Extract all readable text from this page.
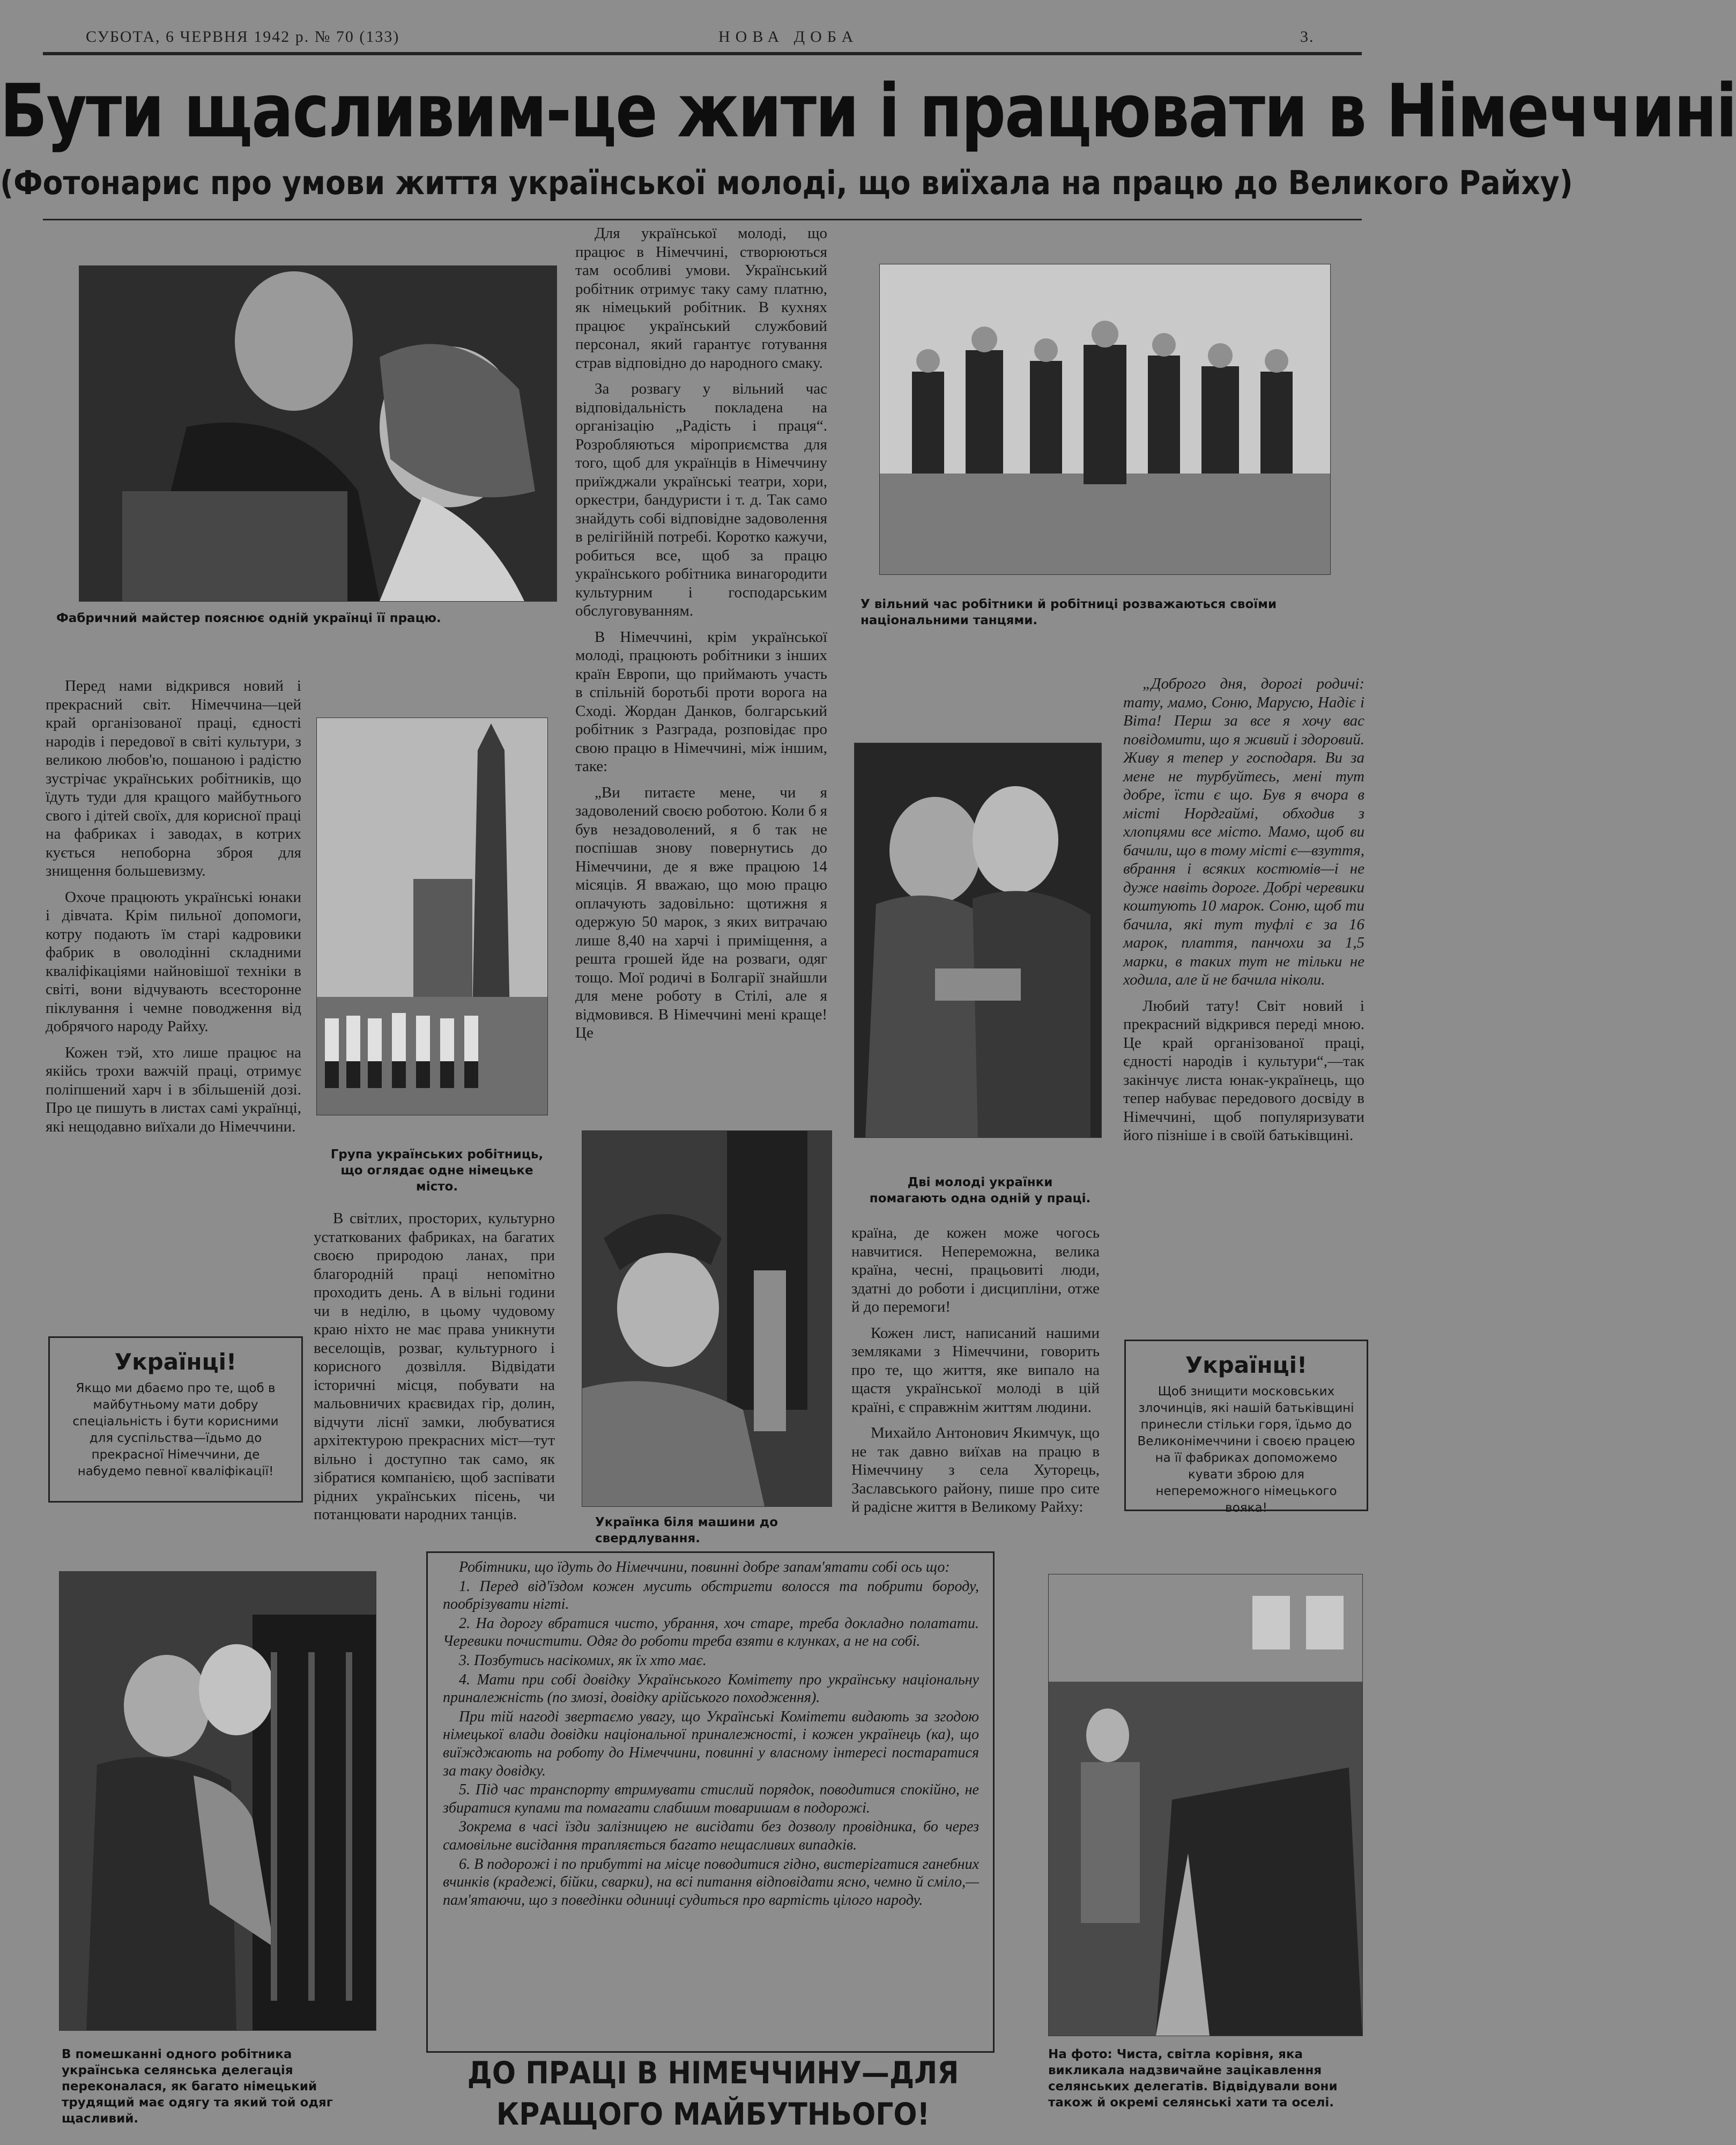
СУБОТА, 6 ЧЕРВНЯ 1942 р. № 70 (133)	НОВА ДОБА	3.
Бути щасливим-це жити і працювати в Німеччині
(Фотонарис про умови життя української молоді, що виїхала на працю до Великого Райху)
Фабричний майстер пояснює одній українці її працю.

Для української молоді, що працює в Німеччині, створюються там особливі умови. Український робітник отримує таку саму платню, як німецький робітник. В кухнях працює український службовий персонал, який гарантує готування страв відповідно до народного смаку.

За розвагу у вільний час відповідальність покладена на організацію „Радість і праця“. Розробляються міроприємства для того, щоб для українців в Німеччину приїжджали українські театри, хори, оркестри, бандуристи і т. д. Так само знайдуть собі відповідне задоволення в релігійній потребі. Коротко кажучи, робиться все, щоб за працю українського робітника винагородити культурним і господарським обслуговуванням.

В Німеччині, крім української молоді, працюють робітники з інших країн Европи, що приймають участь в спільній боротьбі проти ворога на Сході. Жордан Данков, болгарський робітник з Разграда, розповідає про свою працю в Німеччині, між іншим, таке:

„Ви питаєте мене, чи я задоволений своєю роботою. Коли б я був незадоволений, я б так не поспішав знову повернутись до Німеччини, де я вже працюю 14 місяців. Я вважаю, що мою працю оплачують задовільно: щотижня я одержую 50 марок, з яких витрачаю лише 8,40 на харчі і приміщення, а решта грошей йде на розваги, одяг тощо. Мої родичі в Болгарії знайшли для мене роботу в Стілі, але я відмовився. В Німеччині мені краще! Це

У вільний час робітники й робітниці розважаються своїми національними танцями.

Перед нами відкрився новий і прекрасний світ. Німеччина—цей край організованої праці, єдності народів і передової в світі культури, з великою любов'ю, пошаною і радістю зустрічає українських робітників, що їдуть туди для кращого майбутнього свого і дітей своїх, для корисної праці на фабриках і заводах, в котрих кується непоборна зброя для знищення большевизму.

Охоче працюють українські юнаки і дівчата. Крім пильної допомоги, котру подають їм старі кадровики фабрик в оволодінні складними кваліфікаціями найновішої техніки в світі, вони відчувають всесторонне піклування і чемне поводження від добрячого народу Райху.

Кожен тэй, хто лише працює на якійсь трохи важчій праці, отримує поліпшений харч і в збільшеній дозі. Про це пишуть в листах самі українці, які нещодавно виїхали до Німеччини.

Українці!
Якщо ми дбаємо про те, щоб в майбутньому мати добру спеціальність і бути корисними для суспільства—їдьмо до прекрасної Німеччини, де набудемо певної кваліфікації!
Група українських робітниць, що оглядає одне німецьке місто.

В світлих, просторих, культурно устаткованих фабриках, на багатих своєю природою ланах, при благородній праці непомітно проходить день. А в вільні години чи в неділю, в цьому чудовому краю ніхто не має права уникнути веселощів, розваг, культурного і корисного дозвілля. Відвідати історичні місця, побувати на мальовничих краєвидах гір, долин, відчути ліснї замки, любуватися архітектурою прекрасних міст—тут вільно і доступно так само, як зібратися компанією, щоб заспівати рідних українських пісень, чи потанцювати народних танців.

Дві молоді українки помагають одна одній у праці.

„Доброго дня, дорогі родичі: тату, мамо, Соню, Марусю, Надіє і Віта! Перш за все я хочу вас повідомити, що я живий і здоровий. Живу я тепер у господаря. Ви за мене не турбуйтесь, мені тут добре, їсти є що. Був я вчора в місті Нордгаймі, обходив з хлопцями все місто. Мамо, щоб ви бачили, що в тому місті є—взуття, вбрання і всяких костюмів—і не дуже навіть дороге. Добрі черевики коштують 10 марок. Соню, щоб ти бачила, які тут туфлі є за 16 марок, плаття, панчохи за 1,5 марки, в таких тут не тільки не ходила, але й не бачила ніколи.

Любий тату! Світ новий і прекрасний відкрився переді мною. Це край організованої праці, єдності народів і культури“,—так закінчує листа юнак-українець, що тепер набуває передового досвіду в Німеччині, щоб популяризувати його пізніше і в своїй батьківщині.

Українка біля машини до свердлування.

країна, де кожен може чогось навчитися. Непереможна, велика країна, чесні, працьовиті люди, здатні до роботи і дисципліни, отже й до перемоги!

Кожен лист, написаний нашими земляками з Німеччини, говорить про те, що життя, яке випало на щастя української молоді в цій країні, є справжнім життям людини.

Михайло Антонович Якимчук, що не так давно виїхав на працю в Німеччину з села Хуторець, Заславського району, пише про сите й радісне життя в Великому Райху:

Українці!
Щоб знищити московських злочинців, які нашій батьківщині принесли стільки горя, їдьмо до Великонімеччини і своєю працею на її фабриках допоможемо кувати зброю для непереможного німецького вояка!
В помешканні одного робітника українська селянська делегація переконалася, як багато німецький трудящий має одягу та який той одяг щасливий.

Робітники, що їдуть до Німеччини, повинні добре запам'ятати собі ось що:

1. Перед від'їздом кожен мусить обстригти волосся та побрити бороду, пообрізувати нігті.

2. На дорогу вбратися чисто, убрання, хоч старе, треба докладно полатати. Черевики почистити. Одяг до роботи треба взяти в клунках, а не на собі.

3. Позбутись насікомих, як їх хто має.

4. Мати при собі довідку Українського Комітету про українську національну приналежність (по змозі, довідку арійського походження).

При тій нагоді звертаємо увагу, що Українські Комітети видають за згодою німецької влади довідки національної приналежності, і кожен українець (ка), що виїжджають на роботу до Німеччини, повинні у власному інтересі постаратися за таку довідку.

5. Під час транспорту втримувати стислий порядок, поводитися спокійно, не збиратися купами та помагати слабшим товаришам в подорожі.

Зокрема в часі їзди залізницею не висідати без дозволу провідника, бо через самовільне висідання трапляється багато нещасливих випадків.

6. В подорожі і по прибутті на місце поводитися гідно, вистерігатися ганебних вчинків (крадежі, бійки, сварки), на всі питання відповідати ясно, чемно й сміло,—пам'ятаючи, що з поведінки одиниці судиться про вартість цілого народу.

ДО ПРАЦІ В НІМЕЧЧИНУ—ДЛЯ КРАЩОГО МАЙБУТНЬОГО!
На фото: Чиста, світла корівня, яка викликала надзвичайне зацікавлення селянських делегатів. Відвідували вони також й окремі селянські хати та оселі.
